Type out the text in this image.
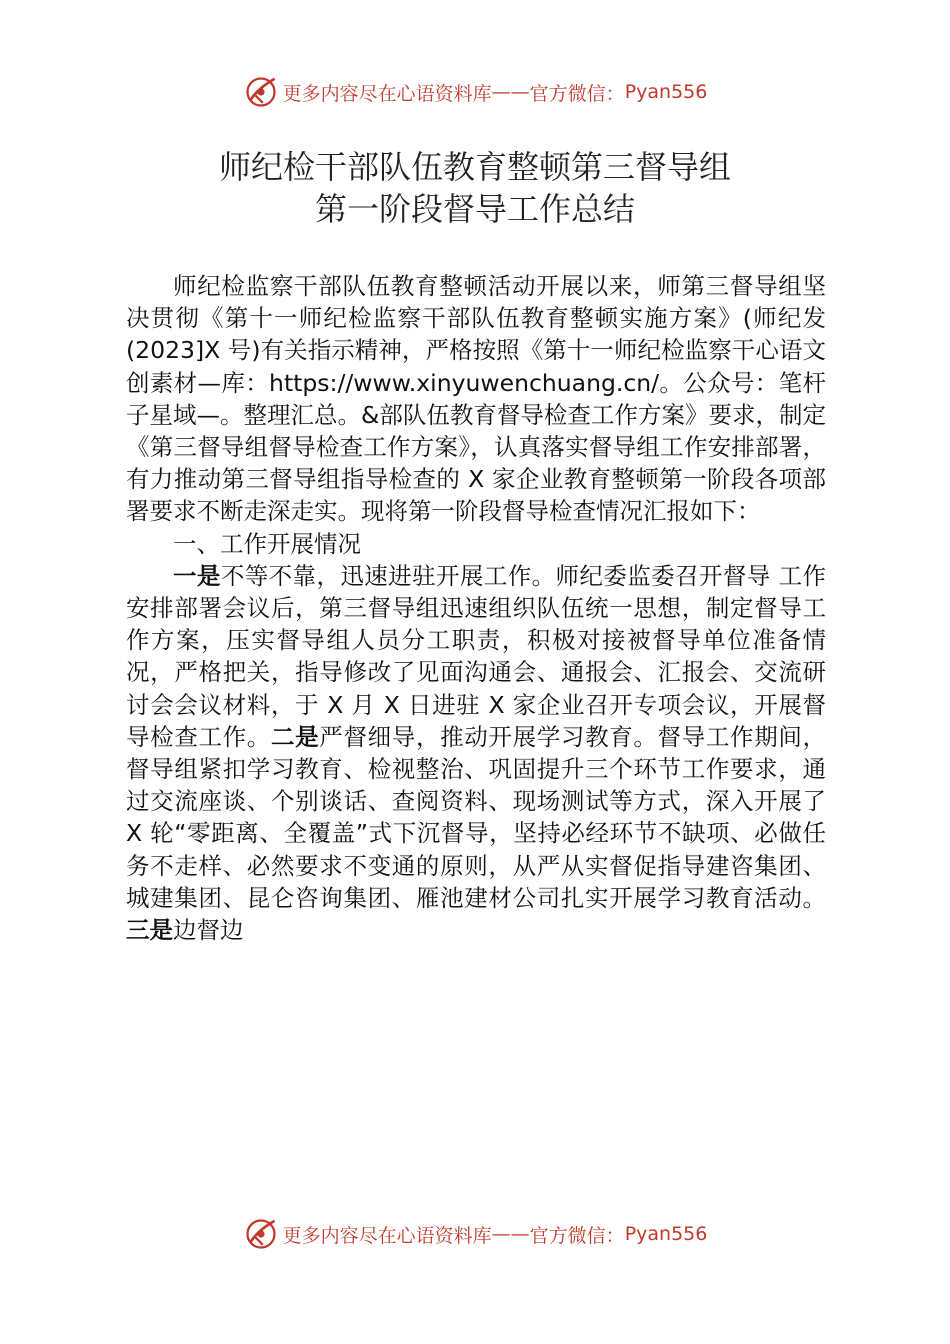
更多内容尽在心语资料库 —— 官方微信： Pyan556
师纪检干部队伍教育整顿第三督导组
第一阶段督导工作总结

师纪检监察干部队伍教育整顿活动开展以来，师第三督导组坚决贯彻《第十一师纪检监察干部队伍教育整顿实施方案》(师纪发(2023]X 号)有关指示精神，严格按照《第十一师纪检监察干心语文创素材—库：https://www.xinyuwenchuang.cn/。公众号：笔杆子星域—。整理汇总。&部队伍教育督导检查工作方案》要求，制定《第三督导组督导检查工作方案》，认真落实督导组工作安排部署，有力推动第三督导组指导检查的 X 家企业教育整顿第一阶段各项部署要求不断走深走实。现将第一阶段督导检查情况汇报如下：

一、工作开展情况

一是不等不靠，迅速进驻开展工作。师纪委监委召开督导 工作安排部署会议后，第三督导组迅速组织队伍统一思想，制定督导工作方案，压实督导组人员分工职责，积极对接被督导单位准备情况，严格把关，指导修改了见面沟通会、通报会、汇报会、交流研讨会会议材料，于 X 月 X 日进驻 X 家企业召开专项会议，开展督导检查工作。二是严督细导，推动开展学习教育。督导工作期间，督导组紧扣学习教育、检视整治、巩固提升三个环节工作要求，通过交流座谈、个别谈话、查阅资料、现场测试等方式，深入开展了 X 轮“零距离、全覆盖”式下沉督导，坚持必经环节不缺项、必做任务不走样、必然要求不变通的原则，从严从实督促指导建咨集团、城建集团、昆仑咨询集团、雁池建材公司扎实开展学习教育活动。三是边督边

更多内容尽在心语资料库 —— 官方微信： Pyan556
